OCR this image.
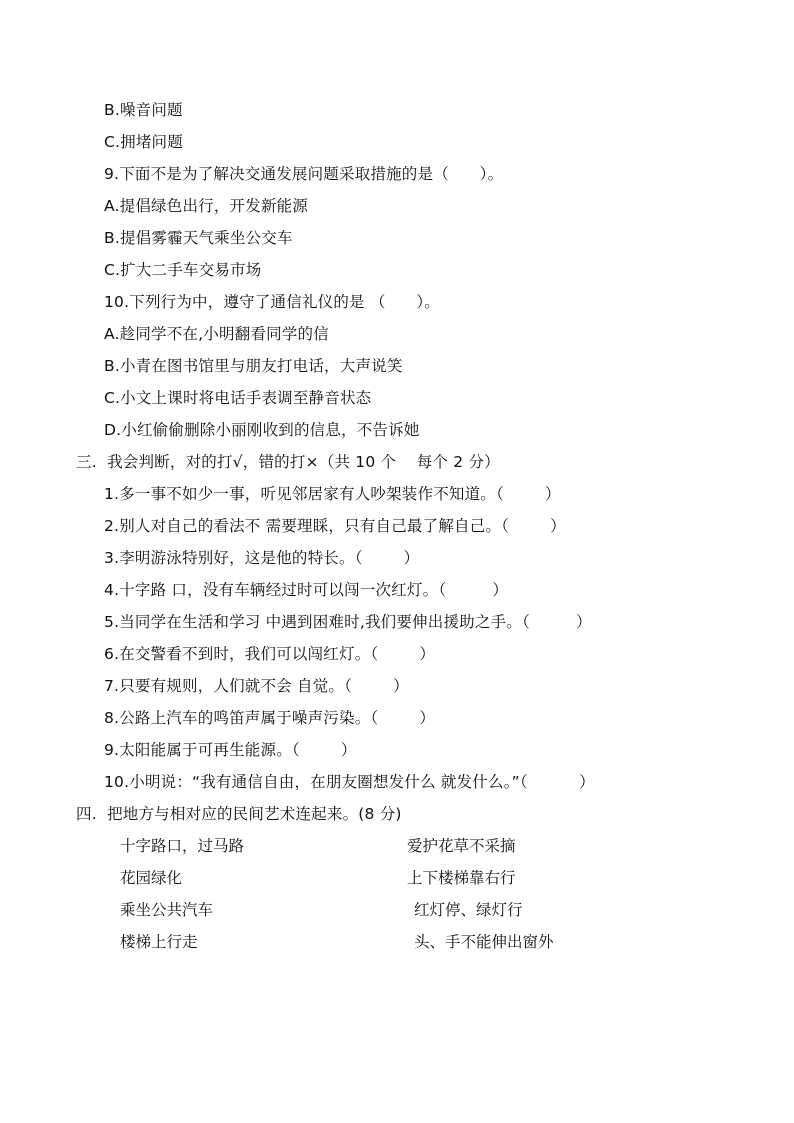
B.噪音问题
C.拥堵问题
9.下面不是为了解决交通发展问题采取措施的是（      ）。
A.提倡绿色出行，开发新能源
B.提倡雾霾天气乘坐公交车
C.扩大二手车交易市场
10.下列行为中，遵守了通信礼仪的是 （      ）。
A.趁同学不在,小明翻看同学的信
B.小青在图书馆里与朋友打电话，大声说笑
C.小文上课时将电话手表调至静音状态
D.小红偷偷删除小丽刚收到的信息，不告诉她
三.  我会判断，对的打√，错的打×（共 10 个    每个 2 分）
1.多一事不如少一事，听见邻居家有人吵架装作不知道。（        ）
2.别人对自己的看法不 需要理睬，只有自己最了解自己。（        ）
3.李明游泳特别好，这是他的特长。（        ）
4.十字路 口，没有车辆经过时可以闯一次红灯。（         ）
5.当同学在生活和学习 中遇到困难时,我们要伸出援助之手。（         ）
6.在交警看不到时，我们可以闯红灯。（        ）
7.只要有规则，人们就不会 自觉。（        ）
8.公路上汽车的鸣笛声属于噪声污染。（        ）
9.太阳能属于可再生能源。（        ）
10.小明说：“我有通信自由，在朋友圈想发什么 就发什么。”（          ）
四.  把地方与相对应的民间艺术连起来。(8 分)
十字路口，过马路
花园绿化
乘坐公共汽车
楼梯上行走
爱护花草不采摘
上下楼梯靠右行
红灯停、绿灯行
头、手不能伸出窗外
